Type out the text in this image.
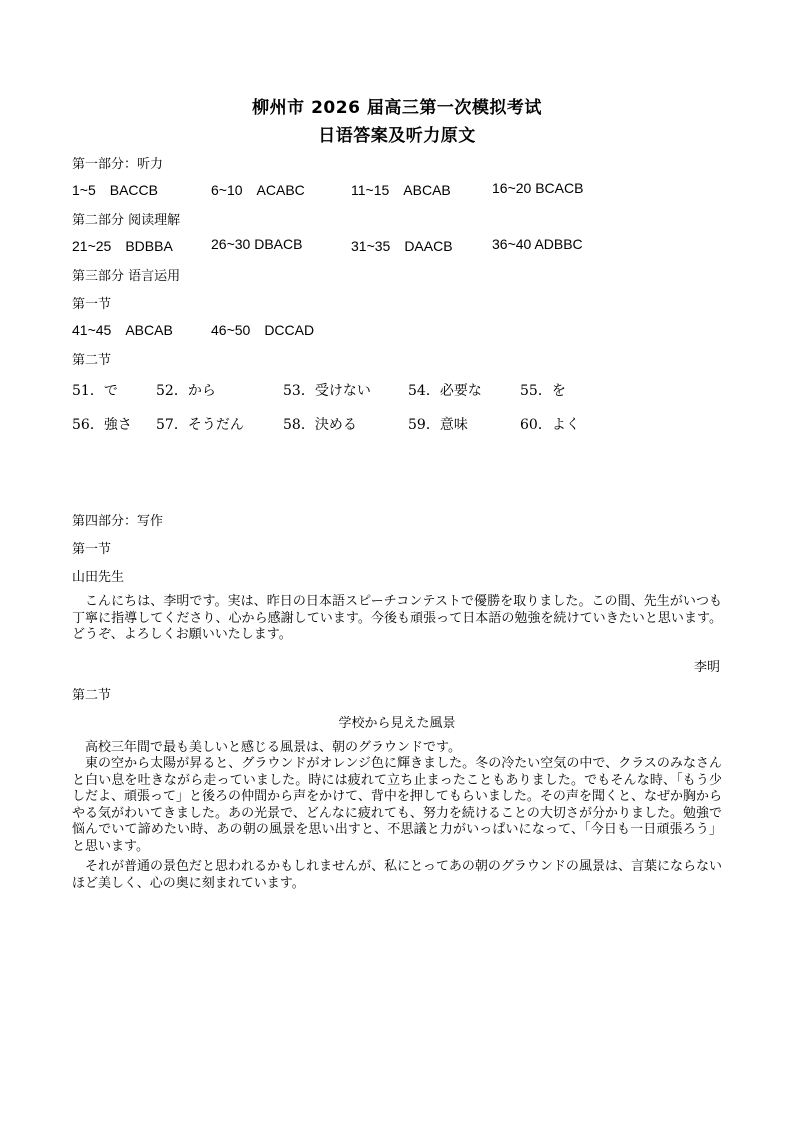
柳州市 2026 届高三第一次模拟考试
日语答案及听力原文
第一部分：听力
1~5　BACCB	6~10　ACABC	11~15　ABCAB	16~20 BCACB
第二部分 阅读理解
21~25　BDBBA	26~30 DBACB	31~35　DAACB	36~40 ADBBC
第三部分 语言运用
第一节
41~45　ABCAB	46~50　DCCAD
第二节
51．で	52．から	53．受けない	54．必要な	55．を
56．強さ 57．そうだん	58．決める	59．意味	60．よく
第四部分：写作
第一节
山田先生
こんにちは、李明です。実は、昨日の日本語スピーチコンテストで優勝を取りました。この間、先生がいつも丁寧に指導してくださり、心から感謝しています。今後も頑張って日本語の勉強を続けていきたいと思います。どうぞ、よろしくお願いいたします。
李明
第二节
学校から見えた風景
高校三年間で最も美しいと感じる風景は、朝のグラウンドです。
東の空から太陽が昇ると、グラウンドがオレンジ色に輝きました。冬の冷たい空気の中で、クラスのみなさんと白い息を吐きながら走っていました。時には疲れて立ち止まったこともありました。でもそんな時、「もう少しだよ、頑張って」と後ろの仲間から声をかけて、背中を押してもらいました。その声を聞くと、なぜか胸からやる気がわいてきました。あの光景で、どんなに疲れても、努力を続けることの大切さが分かりました。勉強で悩んでいて諦めたい時、あの朝の風景を思い出すと、不思議と力がいっぱいになって、「今日も一日頑張ろう」と思います。
それが普通の景色だと思われるかもしれませんが、私にとってあの朝のグラウンドの風景は、言葉にならないほど美しく、心の奥に刻まれています。
